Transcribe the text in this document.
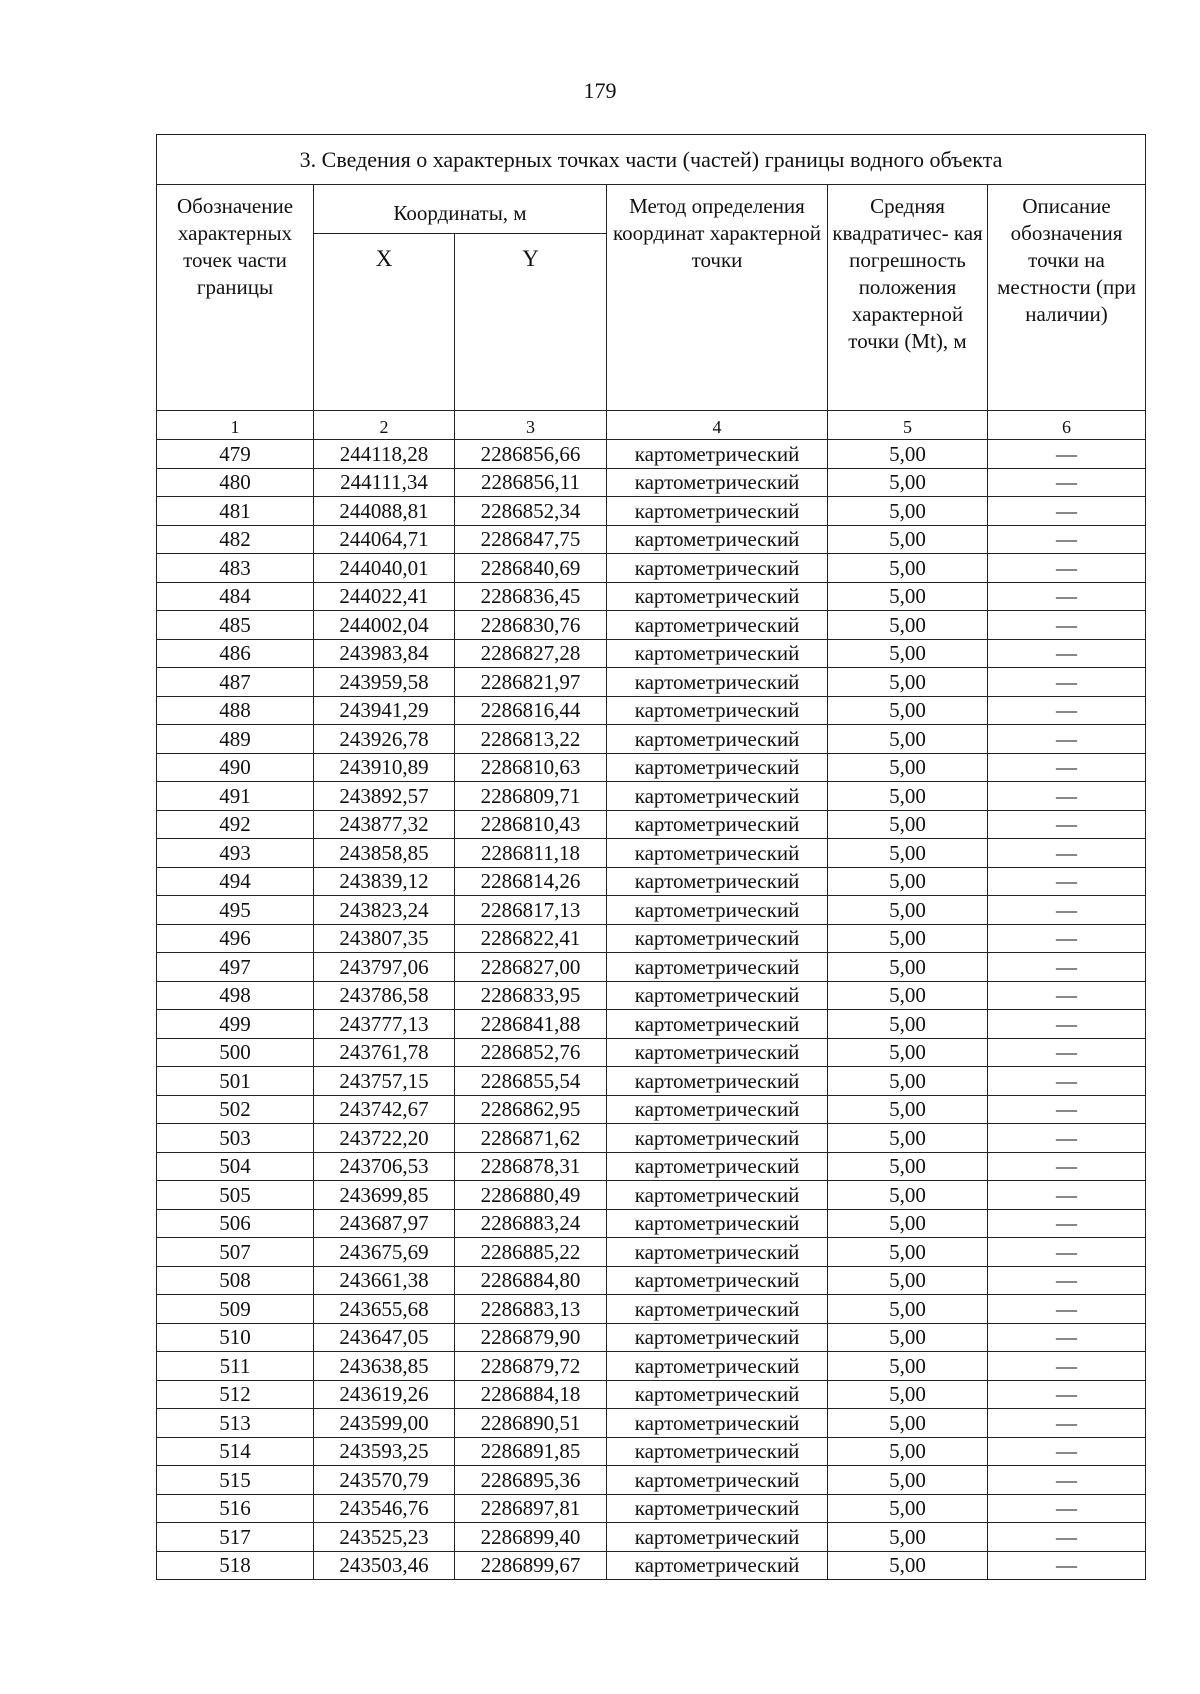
179
3. Сведения о характерных точках части (частей) границы водного объекта					
Обозначение характерных точек части границы	Координаты, м		Метод определения координат характерной точки	Средняя квадратичес- кая погрешность положения характерной точки (Mt), м	Описание обозначения точки на местности (при наличии)
	X	Y			
1	2	3	4	5	6
479	244118,28	2286856,66	картометрический	5,00	—
480	244111,34	2286856,11	картометрический	5,00	—
481	244088,81	2286852,34	картометрический	5,00	—
482	244064,71	2286847,75	картометрический	5,00	—
483	244040,01	2286840,69	картометрический	5,00	—
484	244022,41	2286836,45	картометрический	5,00	—
485	244002,04	2286830,76	картометрический	5,00	—
486	243983,84	2286827,28	картометрический	5,00	—
487	243959,58	2286821,97	картометрический	5,00	—
488	243941,29	2286816,44	картометрический	5,00	—
489	243926,78	2286813,22	картометрический	5,00	—
490	243910,89	2286810,63	картометрический	5,00	—
491	243892,57	2286809,71	картометрический	5,00	—
492	243877,32	2286810,43	картометрический	5,00	—
493	243858,85	2286811,18	картометрический	5,00	—
494	243839,12	2286814,26	картометрический	5,00	—
495	243823,24	2286817,13	картометрический	5,00	—
496	243807,35	2286822,41	картометрический	5,00	—
497	243797,06	2286827,00	картометрический	5,00	—
498	243786,58	2286833,95	картометрический	5,00	—
499	243777,13	2286841,88	картометрический	5,00	—
500	243761,78	2286852,76	картометрический	5,00	—
501	243757,15	2286855,54	картометрический	5,00	—
502	243742,67	2286862,95	картометрический	5,00	—
503	243722,20	2286871,62	картометрический	5,00	—
504	243706,53	2286878,31	картометрический	5,00	—
505	243699,85	2286880,49	картометрический	5,00	—
506	243687,97	2286883,24	картометрический	5,00	—
507	243675,69	2286885,22	картометрический	5,00	—
508	243661,38	2286884,80	картометрический	5,00	—
509	243655,68	2286883,13	картометрический	5,00	—
510	243647,05	2286879,90	картометрический	5,00	—
511	243638,85	2286879,72	картометрический	5,00	—
512	243619,26	2286884,18	картометрический	5,00	—
513	243599,00	2286890,51	картометрический	5,00	—
514	243593,25	2286891,85	картометрический	5,00	—
515	243570,79	2286895,36	картометрический	5,00	—
516	243546,76	2286897,81	картометрический	5,00	—
517	243525,23	2286899,40	картометрический	5,00	—
518	243503,46	2286899,67	картометрический	5,00	—
